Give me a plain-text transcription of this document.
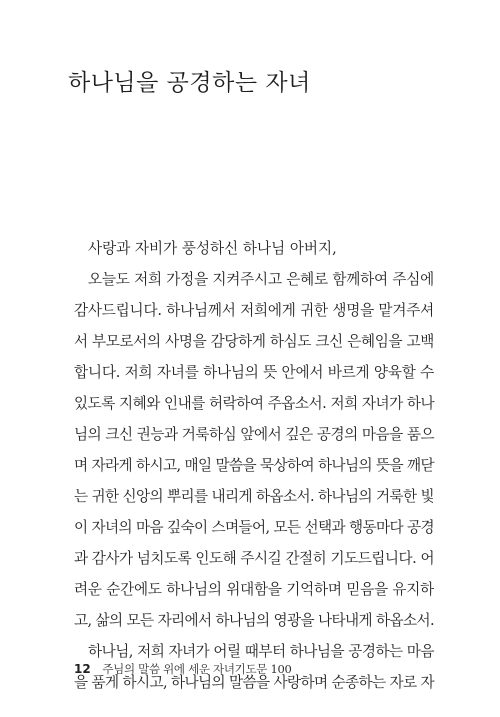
하나님을 공경하는 자녀
사랑과 자비가 풍성하신 하나님 아버지,
오늘도 저희 가정을 지켜주시고 은혜로 함께하여 주심에
감사드립니다. 하나님께서 저희에게 귀한 생명을 맡겨주셔
서 부모로서의 사명을 감당하게 하심도 크신 은혜임을 고백
합니다. 저희 자녀를 하나님의 뜻 안에서 바르게 양육할 수
있도록 지혜와 인내를 허락하여 주옵소서. 저희 자녀가 하나
님의 크신 권능과 거룩하심 앞에서 깊은 공경의 마음을 품으
며 자라게 하시고, 매일 말씀을 묵상하여 하나님의 뜻을 깨닫
는 귀한 신앙의 뿌리를 내리게 하옵소서. 하나님의 거룩한 빛
이 자녀의 마음 깊숙이 스며들어, 모든 선택과 행동마다 공경
과 감사가 넘치도록 인도해 주시길 간절히 기도드립니다. 어
려운 순간에도 하나님의 위대함을 기억하며 믿음을 유지하
고, 삶의 모든 자리에서 하나님의 영광을 나타내게 하옵소서.
하나님, 저희 자녀가 어릴 때부터 하나님을 공경하는 마음
을 품게 하시고, 하나님의 말씀을 사랑하며 순종하는 자로 자
12 주님의 말씀 위에 세운 자녀기도문 100
